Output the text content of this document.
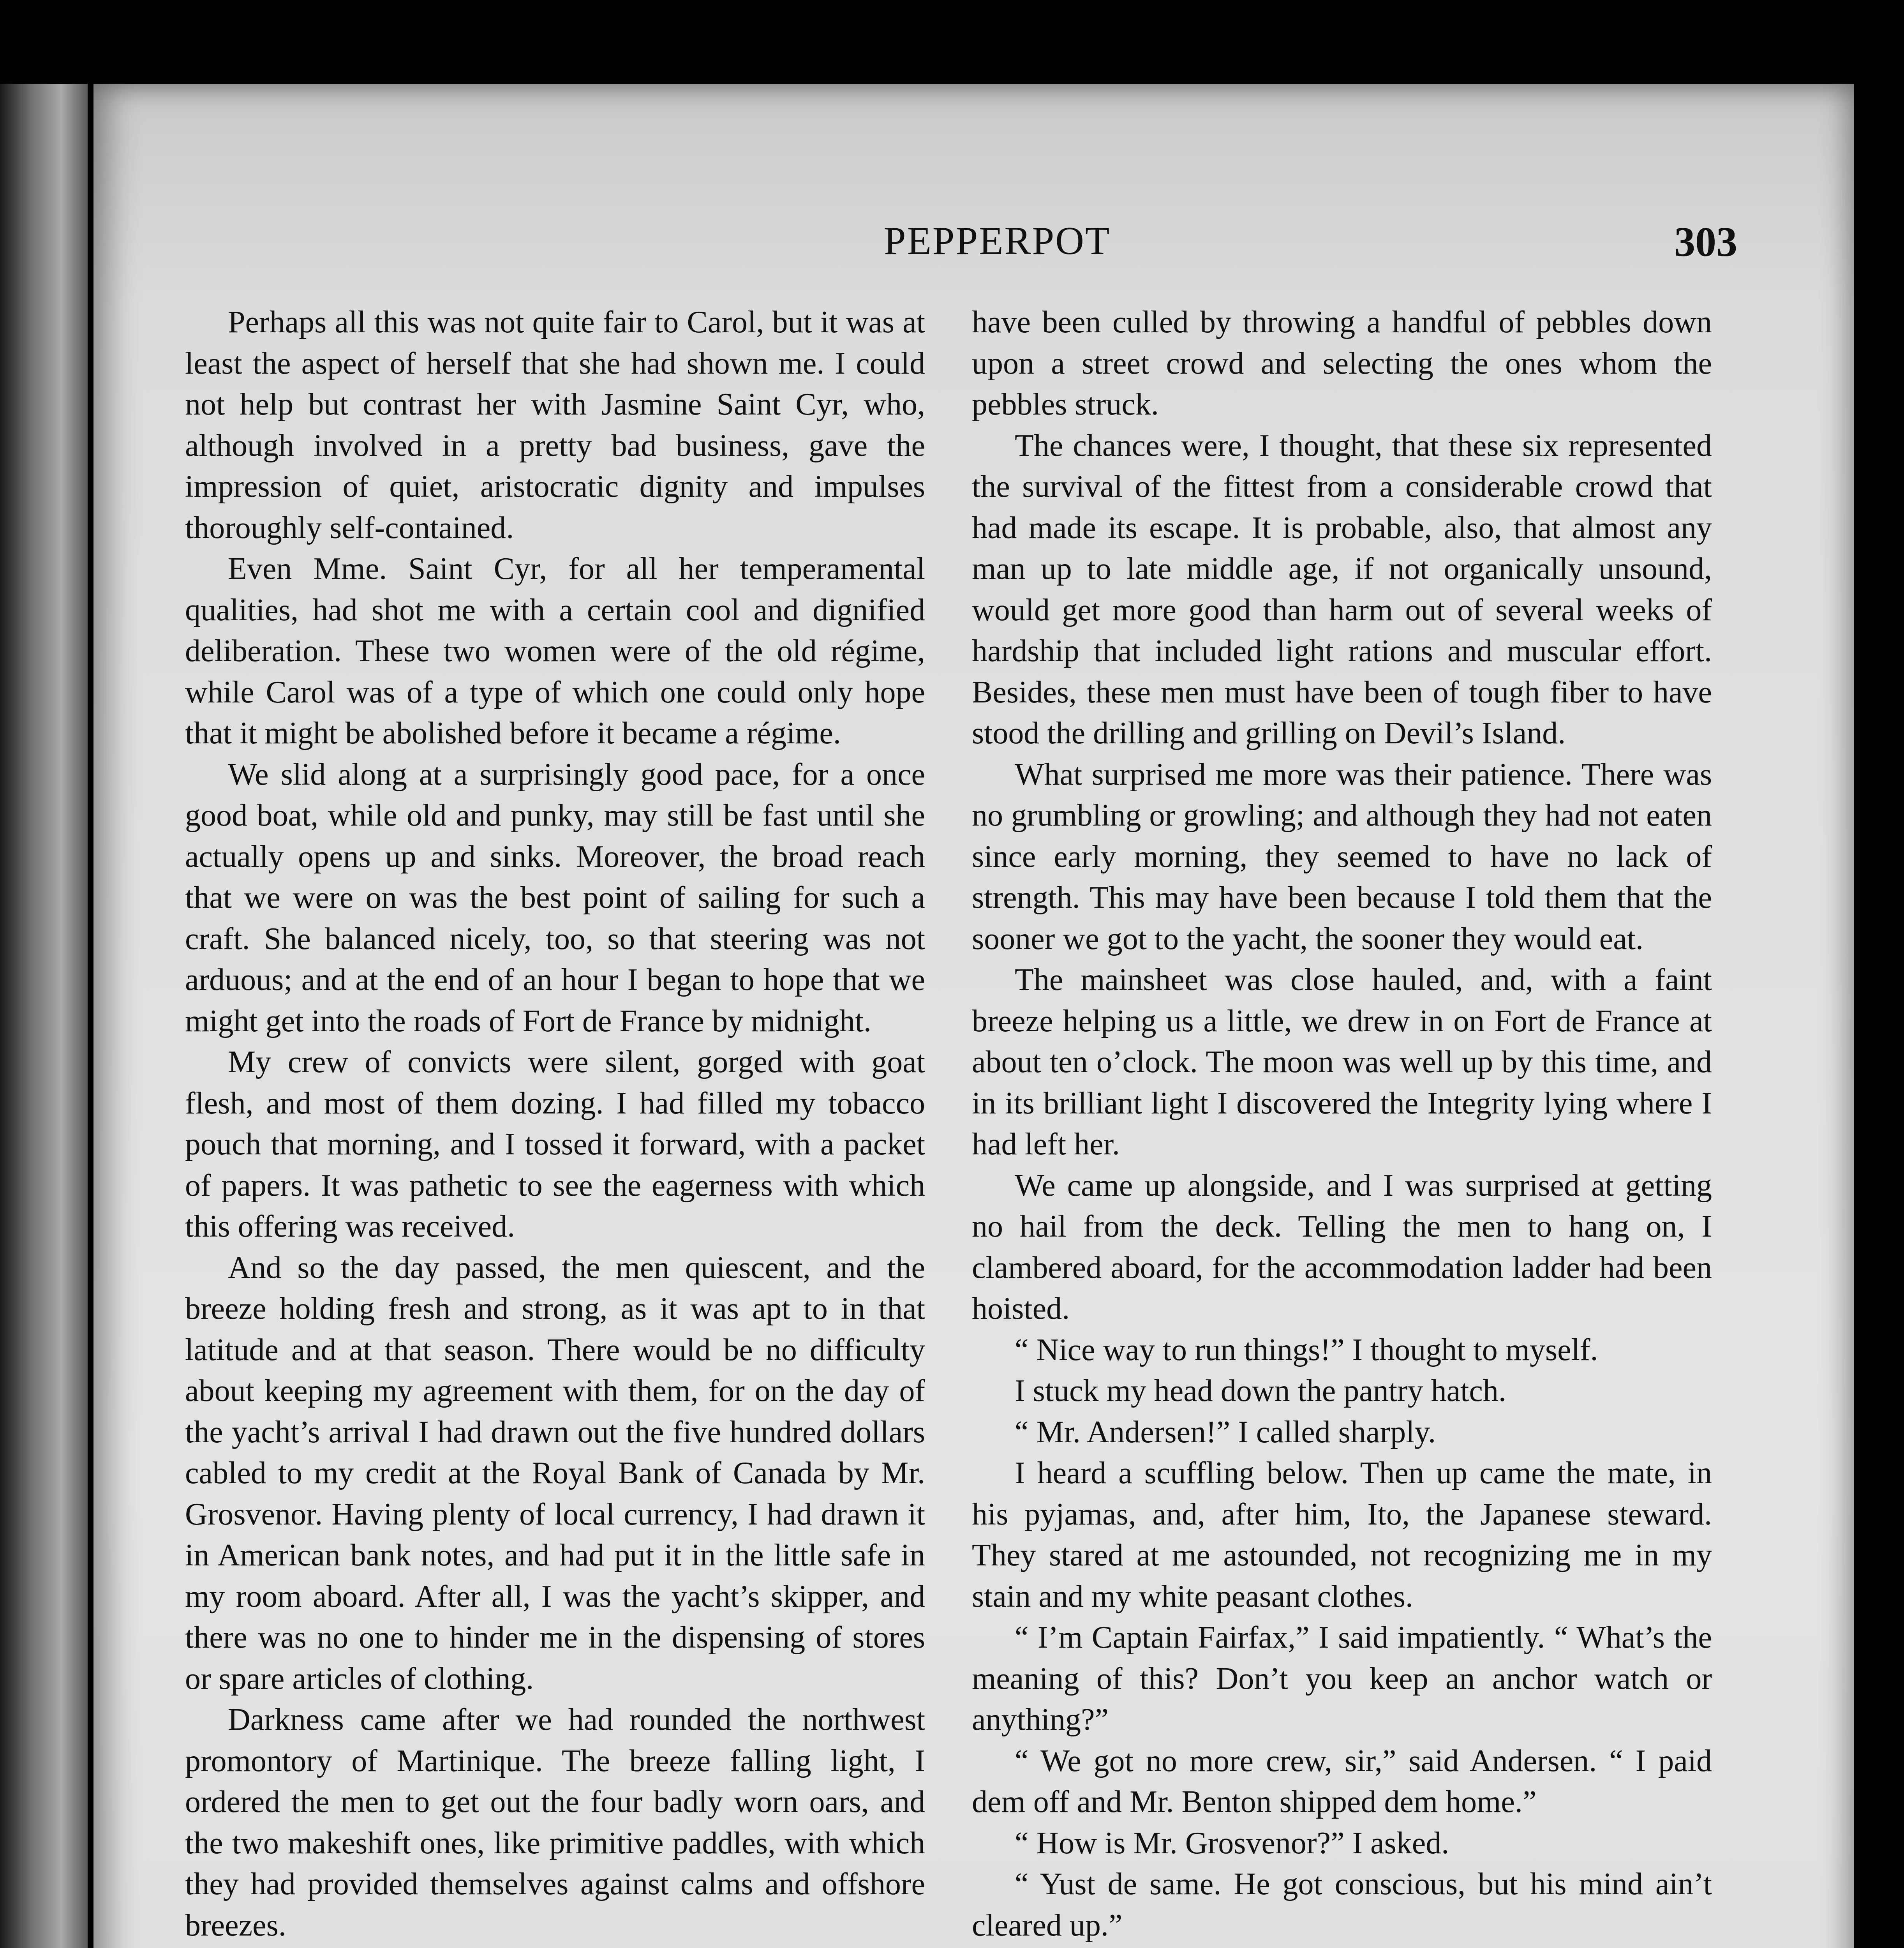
PEPPERPOT	303

Perhaps all this was not quite fair to Carol, but it was at least the aspect of herself that she had shown me. I could not help but contrast her with Jasmine Saint Cyr, who, although involved in a pretty bad business, gave the impression of quiet, aristocratic dignity and impulses thoroughly self-contained.

Even Mme. Saint Cyr, for all her temperamental qualities, had shot me with a certain cool and dignified deliberation. These two women were of the old régime, while Carol was of a type of which one could only hope that it might be abolished before it became a régime.

We slid along at a surprisingly good pace, for a once good boat, while old and punky, may still be fast until she actually opens up and sinks. Moreover, the broad reach that we were on was the best point of sailing for such a craft. She balanced nicely, too, so that steering was not arduous; and at the end of an hour I began to hope that we might get into the roads of Fort de France by midnight.

My crew of convicts were silent, gorged with goat flesh, and most of them dozing. I had filled my tobacco pouch that morning, and I tossed it forward, with a packet of papers. It was pathetic to see the eagerness with which this offering was received.

And so the day passed, the men quiescent, and the breeze holding fresh and strong, as it was apt to in that latitude and at that season. There would be no difficulty about keeping my agreement with them, for on the day of the yacht’s arrival I had drawn out the five hundred dollars cabled to my credit at the Royal Bank of Canada by Mr. Grosvenor. Having plenty of local currency, I had drawn it in American bank notes, and had put it in the little safe in my room aboard. After all, I was the yacht’s skipper, and there was no one to hinder me in the dispensing of stores or spare articles of clothing.

Darkness came after we had rounded the northwest promontory of Martinique. The breeze falling light, I ordered the men to get out the four badly worn oars, and the two makeshift ones, like primitive paddles, with which they had provided themselves against calms and offshore breezes.

have been culled by throwing a handful of pebbles down upon a street crowd and selecting the ones whom the pebbles struck.

The chances were, I thought, that these six represented the survival of the fittest from a considerable crowd that had made its escape. It is probable, also, that almost any man up to late middle age, if not organically unsound, would get more good than harm out of several weeks of hardship that included light rations and muscular effort. Besides, these men must have been of tough fiber to have stood the drilling and grilling on Devil’s Island.

What surprised me more was their patience. There was no grumbling or growling; and although they had not eaten since early morning, they seemed to have no lack of strength. This may have been because I told them that the sooner we got to the yacht, the sooner they would eat.

The mainsheet was close hauled, and, with a faint breeze helping us a little, we drew in on Fort de France at about ten o’clock. The moon was well up by this time, and in its brilliant light I discovered the Integrity lying where I had left her.

We came up alongside, and I was surprised at getting no hail from the deck. Telling the men to hang on, I clambered aboard, for the accommodation ladder had been hoisted.

“ Nice way to run things!” I thought to myself.

I stuck my head down the pantry hatch.

“ Mr. Andersen!” I called sharply.

I heard a scuffling below. Then up came the mate, in his pyjamas, and, after him, Ito, the Japanese steward. They stared at me astounded, not recognizing me in my stain and my white peasant clothes.

“ I’m Captain Fairfax,” I said impatiently. “ What’s the meaning of this? Don’t you keep an anchor watch or anything?”

“ We got no more crew, sir,” said Andersen. “ I paid dem off and Mr. Benton shipped dem home.”

“ How is Mr. Grosvenor?” I asked.

“ Yust de same. He got conscious, but his mind ain’t cleared up.”
